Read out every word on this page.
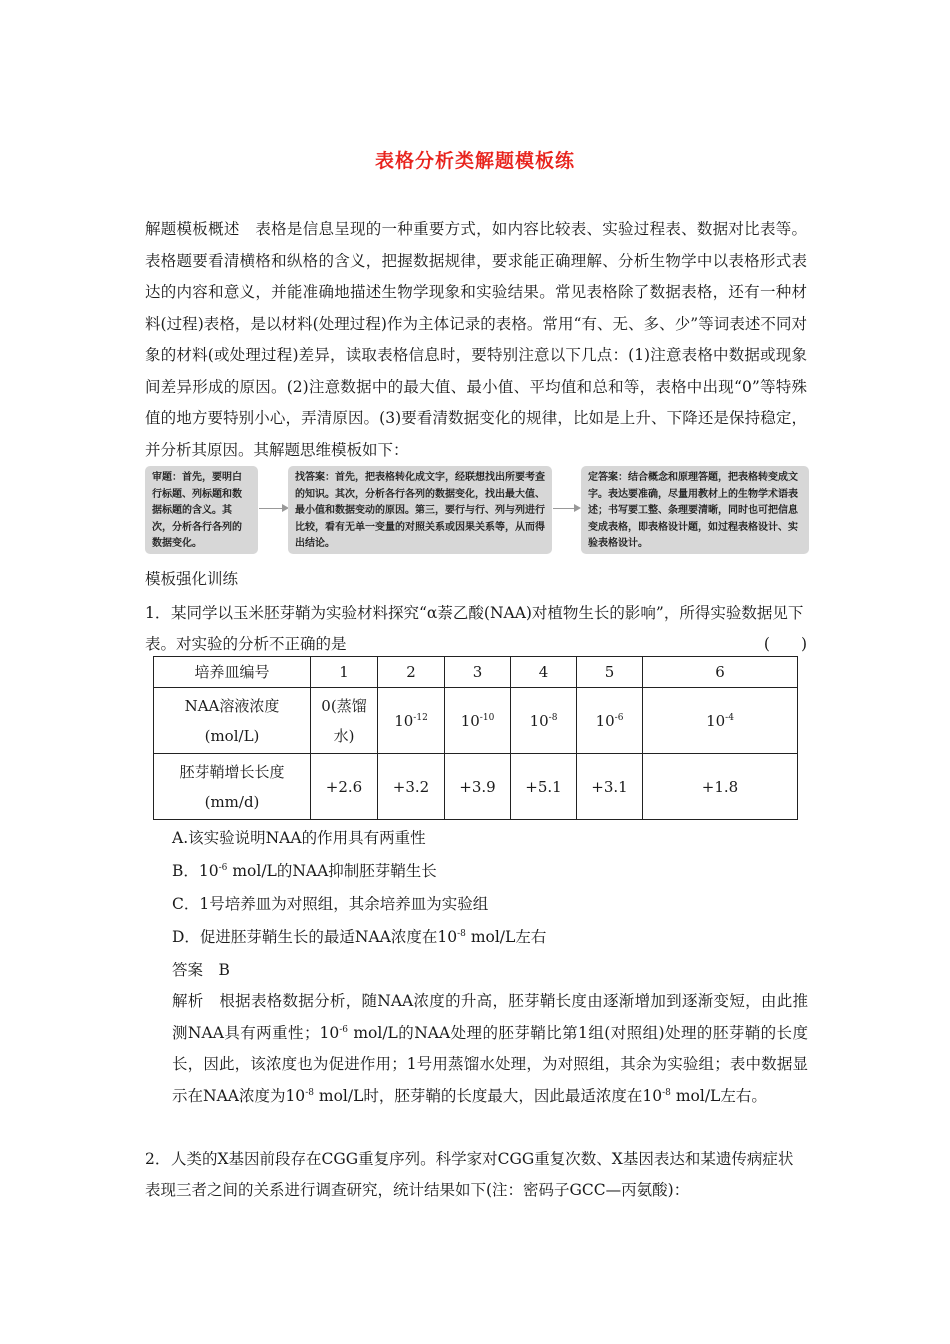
表格分析类解题模板练
解题模板概述　 表格是信息呈现的一种重要方式，如内容比较表、实验过程表、数据对比表等。表格题要看清横格和纵格的含义，把握数据规律，要求能正确理解、分析生物学中以表格形式表达的内容和意义，并能准确地描述生物学现象和实验结果。常见表格除了数据表格，还有一种材料(过程)表格，是以材料(处理过程)作为主体记录的表格。常用“有、无、多、少”等词表述不同对象的材料(或处理过程)差异，读取表格信息时，要特别注意以下几点：(1)注意表格中数据或现象间差异形成的原因。(2)注意数据中的最大值、最小值、平均值和总和等，表格中出现“0”等特殊值的地方要特别小心，弄清原因。(3)要看清数据变化的规律，比如是上升、下降还是保持稳定，并分析其原因。其解题思维模板如下：
审题：首先，要明白行标题、列标题和数据标题的含义。其次，分析各行各列的数据变化。
找答案：首先，把表格转化成文字，经联想找出所要考查的知识。其次，分析各行各列的数据变化，找出最大值、最小值和数据变动的原因。第三，要行与行、列与列进行比较，看有无单一变量的对照关系或因果关系等，从而得出结论。
定答案：结合概念和原理答题，把表格转变成文字。表达要准确，尽量用教材上的生物学术语表述；书写要工整、条理要清晰，同时也可把信息变成表格，即表格设计题，如过程表格设计、实验表格设计。
模板强化训练
1．某同学以玉米胚芽鞘为实验材料探究“α萘乙酸(NAA)对植物生长的影响”，所得实验数据见下表。对实验的分析不正确的是	(　　)
培养皿编号	1	2	3	4	5	6
NAA溶液浓度(mol/L)	0(蒸馏水)	$10^{-12}$	$10^{-10}$	$10^{-8}$	$10^{-6}$	$10^{-4}$
胚芽鞘增长长度(mm/d)	+2.6	+3.2	+3.9	+5.1	+3.1	+1.8
A.该实验说明NAA的作用具有两重性
B．$10^{-6}$ mol/L的NAA抑制胚芽鞘生长
C．1号培养皿为对照组，其余培养皿为实验组
D．促进胚芽鞘生长的最适NAA浓度在$10^{-8}$ mol/L左右
答案　B
解析　根据表格数据分析，随NAA浓度的升高，胚芽鞘长度由逐渐增加到逐渐变短，由此推测NAA具有两重性；$10^{-6}$ mol/L的NAA处理的胚芽鞘比第1组(对照组)处理的胚芽鞘的长度长，因此，该浓度也为促进作用；1号用蒸馏水处理，为对照组，其余为实验组；表中数据显示在NAA浓度为$10^{-8}$ mol/L时，胚芽鞘的长度最大，因此最适浓度在$10^{-8}$ mol/L左右。
2．人类的X基因前段存在CGG重复序列。科学家对CGG重复次数、X基因表达和某遗传病症状表现三者之间的关系进行调查研究，统计结果如下(注：密码子GCC—丙氨酸)：
